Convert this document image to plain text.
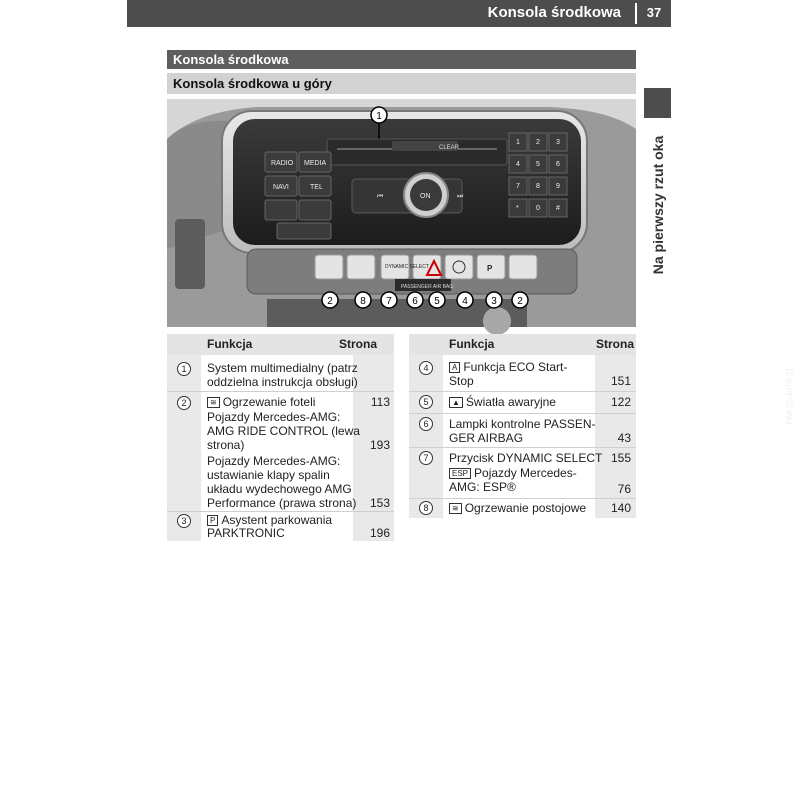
Konsola środkowa	37
Na pierwszy rzut oka
Konsola środkowa
Konsola środkowa u góry
CLEAR
RADIO MEDIA
NAVI	TEL
ON
⏮	⏭
1 2 3
4 5 6
7 8 9
* 0 #
DYNAMIC SELECT	P
PASSENGER AIR BAG
1
2	8 7 6 5 4 3 2
P68.20-4978-31
Funkcja	Strona
1	System multimedialny (patrz
oddzielna instrukcja obsługi)
2	≋ Ogrzewanie foteli	113
Pojazdy Mercedes-AMG:
AMG RIDE CONTROL (lewa
strona)	193
Pojazdy Mercedes-AMG:
ustawianie klapy spalin
układu wydechowego AMG
Performance (prawa strona)	153
3	P Asystent parkowania
PARKTRONIC	196
Funkcja	Strona
4	A Funkcja ECO Start-
Stop	151
5	▲ Światła awaryjne	122
6	Lampki kontrolne PASSEN-
GER AIRBAG	43
7	Przycisk DYNAMIC SELECT 155
ESP Pojazdy Mercedes-
AMG: ESP®	76
8	≋ Ogrzewanie postojowe	140
